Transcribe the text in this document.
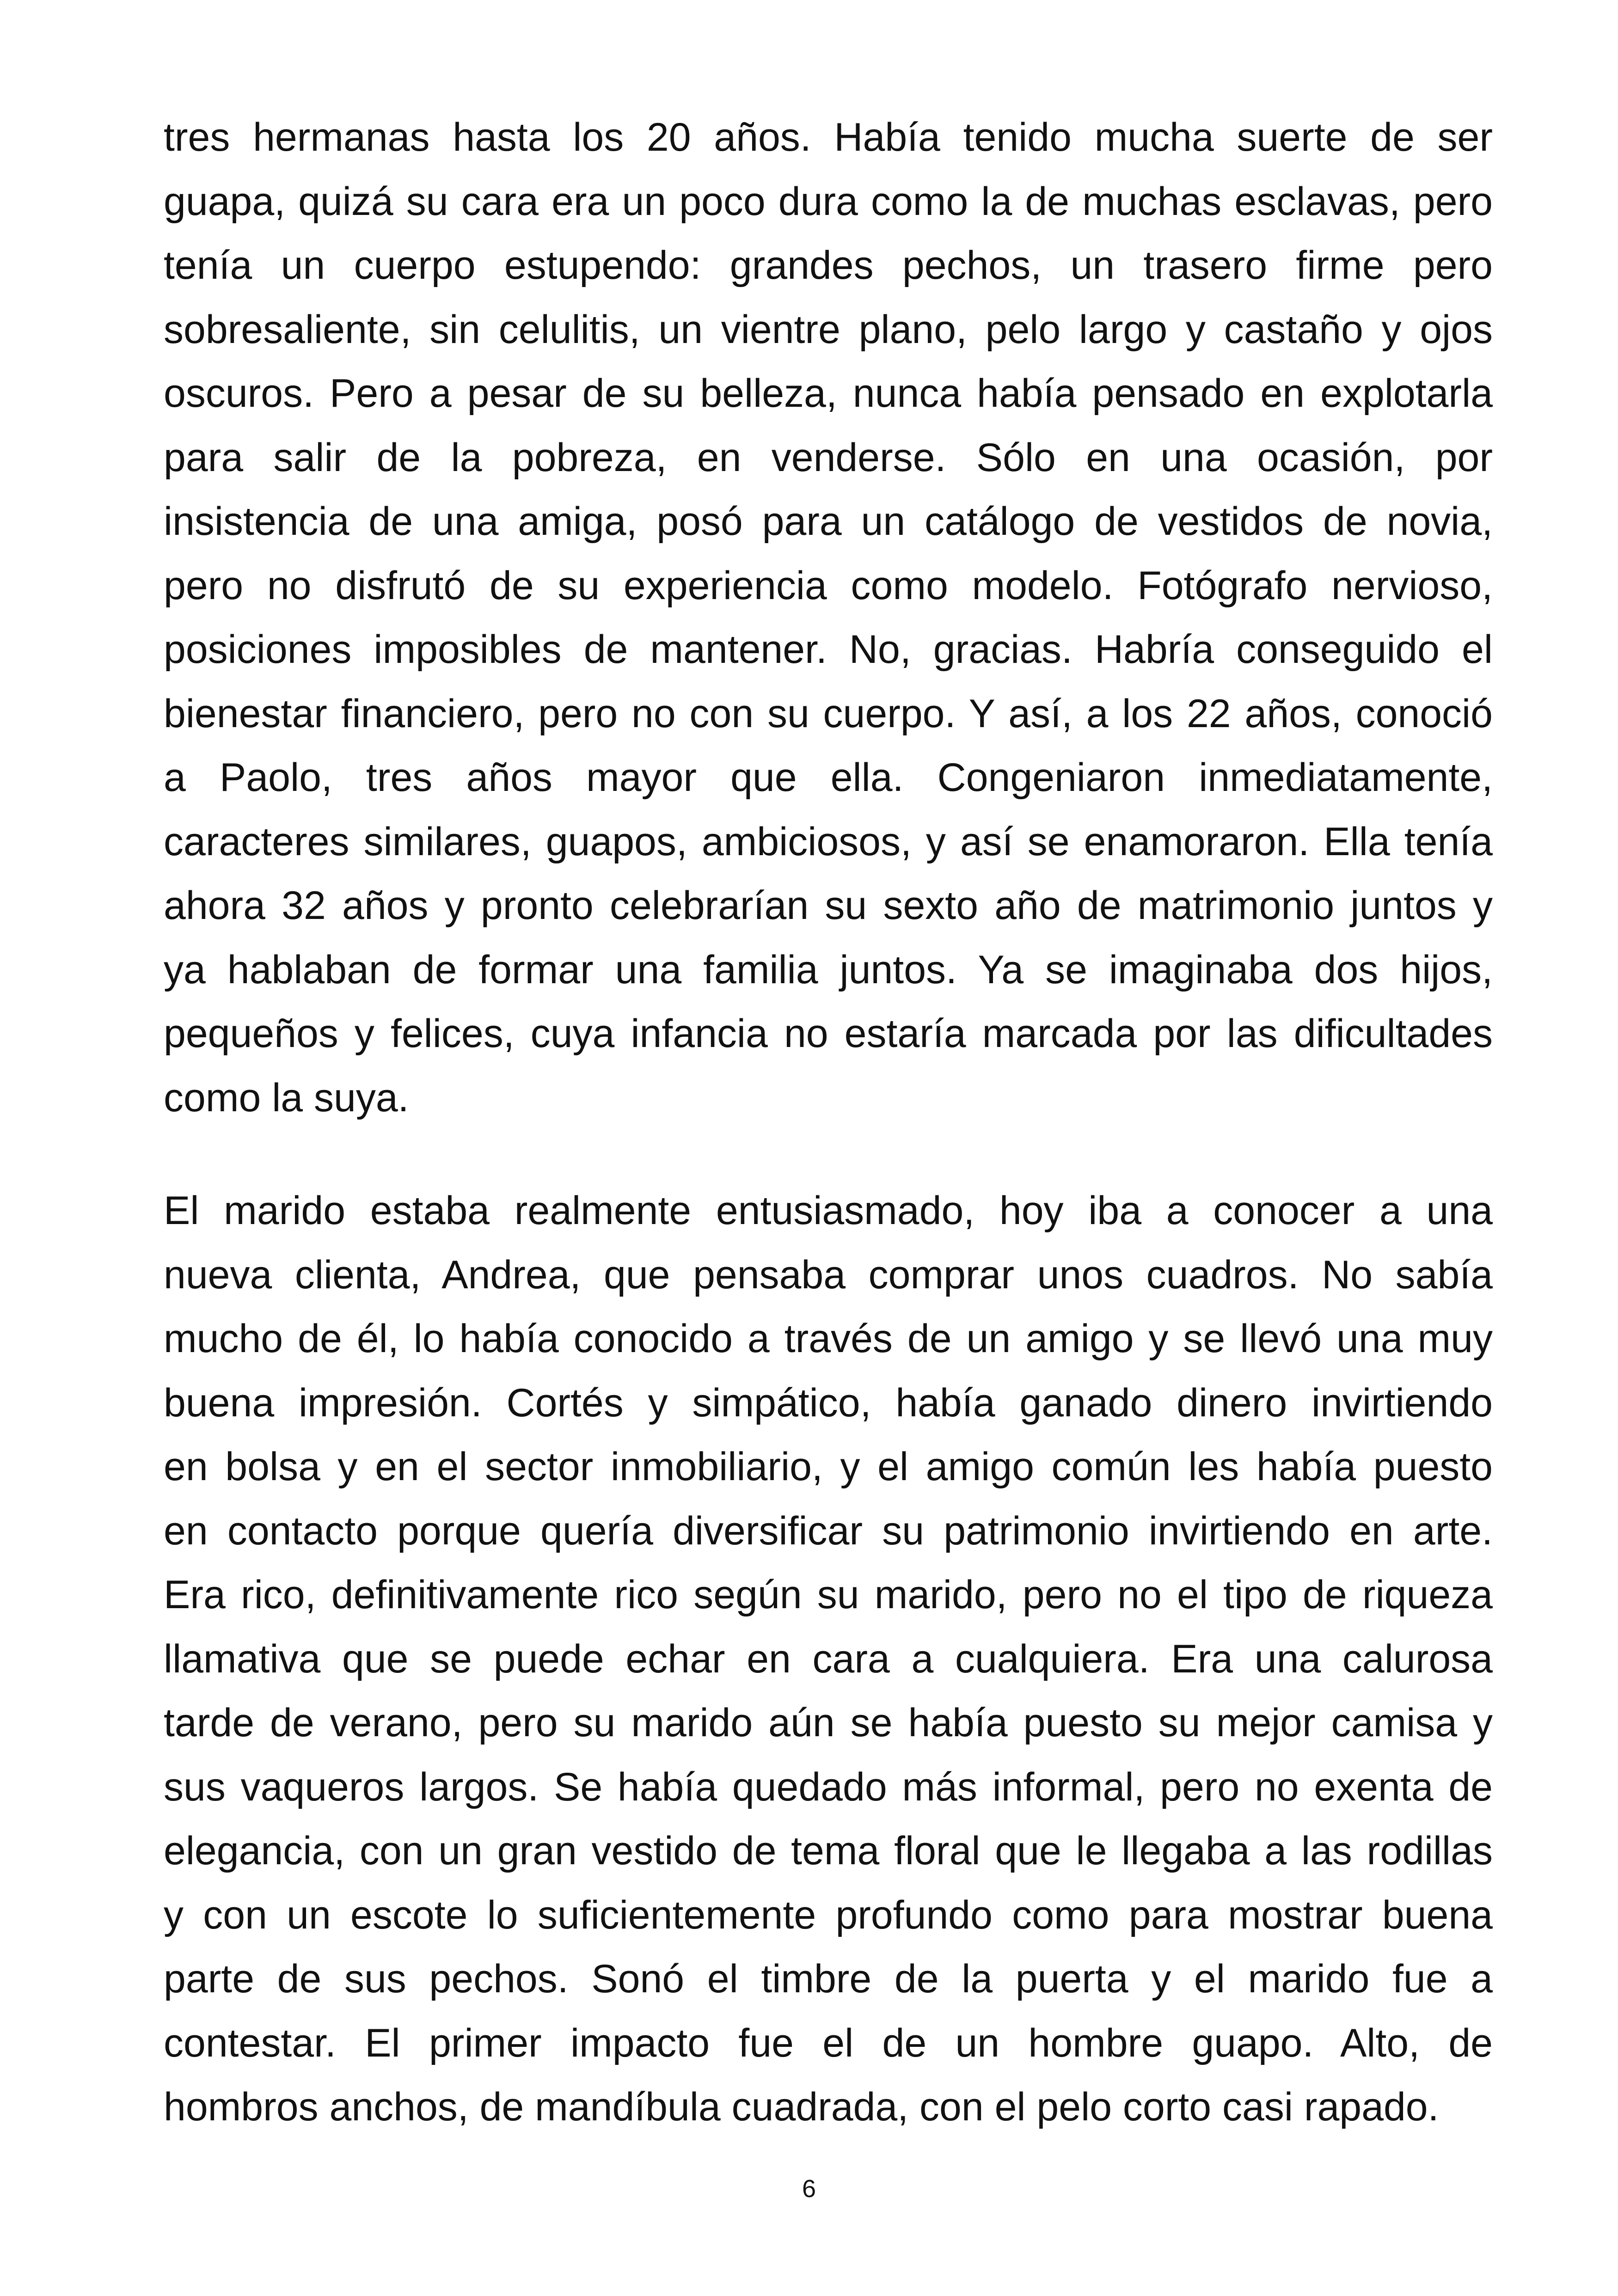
tres hermanas hasta los 20 años. Había tenido mucha suerte de ser
guapa, quizá su cara era un poco dura como la de muchas esclavas, pero
tenía un cuerpo estupendo: grandes pechos, un trasero firme pero
sobresaliente, sin celulitis, un vientre plano, pelo largo y castaño y ojos
oscuros. Pero a pesar de su belleza, nunca había pensado en explotarla
para salir de la pobreza, en venderse. Sólo en una ocasión, por
insistencia de una amiga, posó para un catálogo de vestidos de novia,
pero no disfrutó de su experiencia como modelo. Fotógrafo nervioso,
posiciones imposibles de mantener. No, gracias. Habría conseguido el
bienestar financiero, pero no con su cuerpo. Y así, a los 22 años, conoció
a Paolo, tres años mayor que ella. Congeniaron inmediatamente,
caracteres similares, guapos, ambiciosos, y así se enamoraron. Ella tenía
ahora 32 años y pronto celebrarían su sexto año de matrimonio juntos y
ya hablaban de formar una familia juntos. Ya se imaginaba dos hijos,
pequeños y felices, cuya infancia no estaría marcada por las dificultades
como la suya.
El marido estaba realmente entusiasmado, hoy iba a conocer a una
nueva clienta, Andrea, que pensaba comprar unos cuadros. No sabía
mucho de él, lo había conocido a través de un amigo y se llevó una muy
buena impresión. Cortés y simpático, había ganado dinero invirtiendo
en bolsa y en el sector inmobiliario, y el amigo común les había puesto
en contacto porque quería diversificar su patrimonio invirtiendo en arte.
Era rico, definitivamente rico según su marido, pero no el tipo de riqueza
llamativa que se puede echar en cara a cualquiera. Era una calurosa
tarde de verano, pero su marido aún se había puesto su mejor camisa y
sus vaqueros largos. Se había quedado más informal, pero no exenta de
elegancia, con un gran vestido de tema floral que le llegaba a las rodillas
y con un escote lo suficientemente profundo como para mostrar buena
parte de sus pechos. Sonó el timbre de la puerta y el marido fue a
contestar. El primer impacto fue el de un hombre guapo. Alto, de
hombros anchos, de mandíbula cuadrada, con el pelo corto casi rapado.
6
